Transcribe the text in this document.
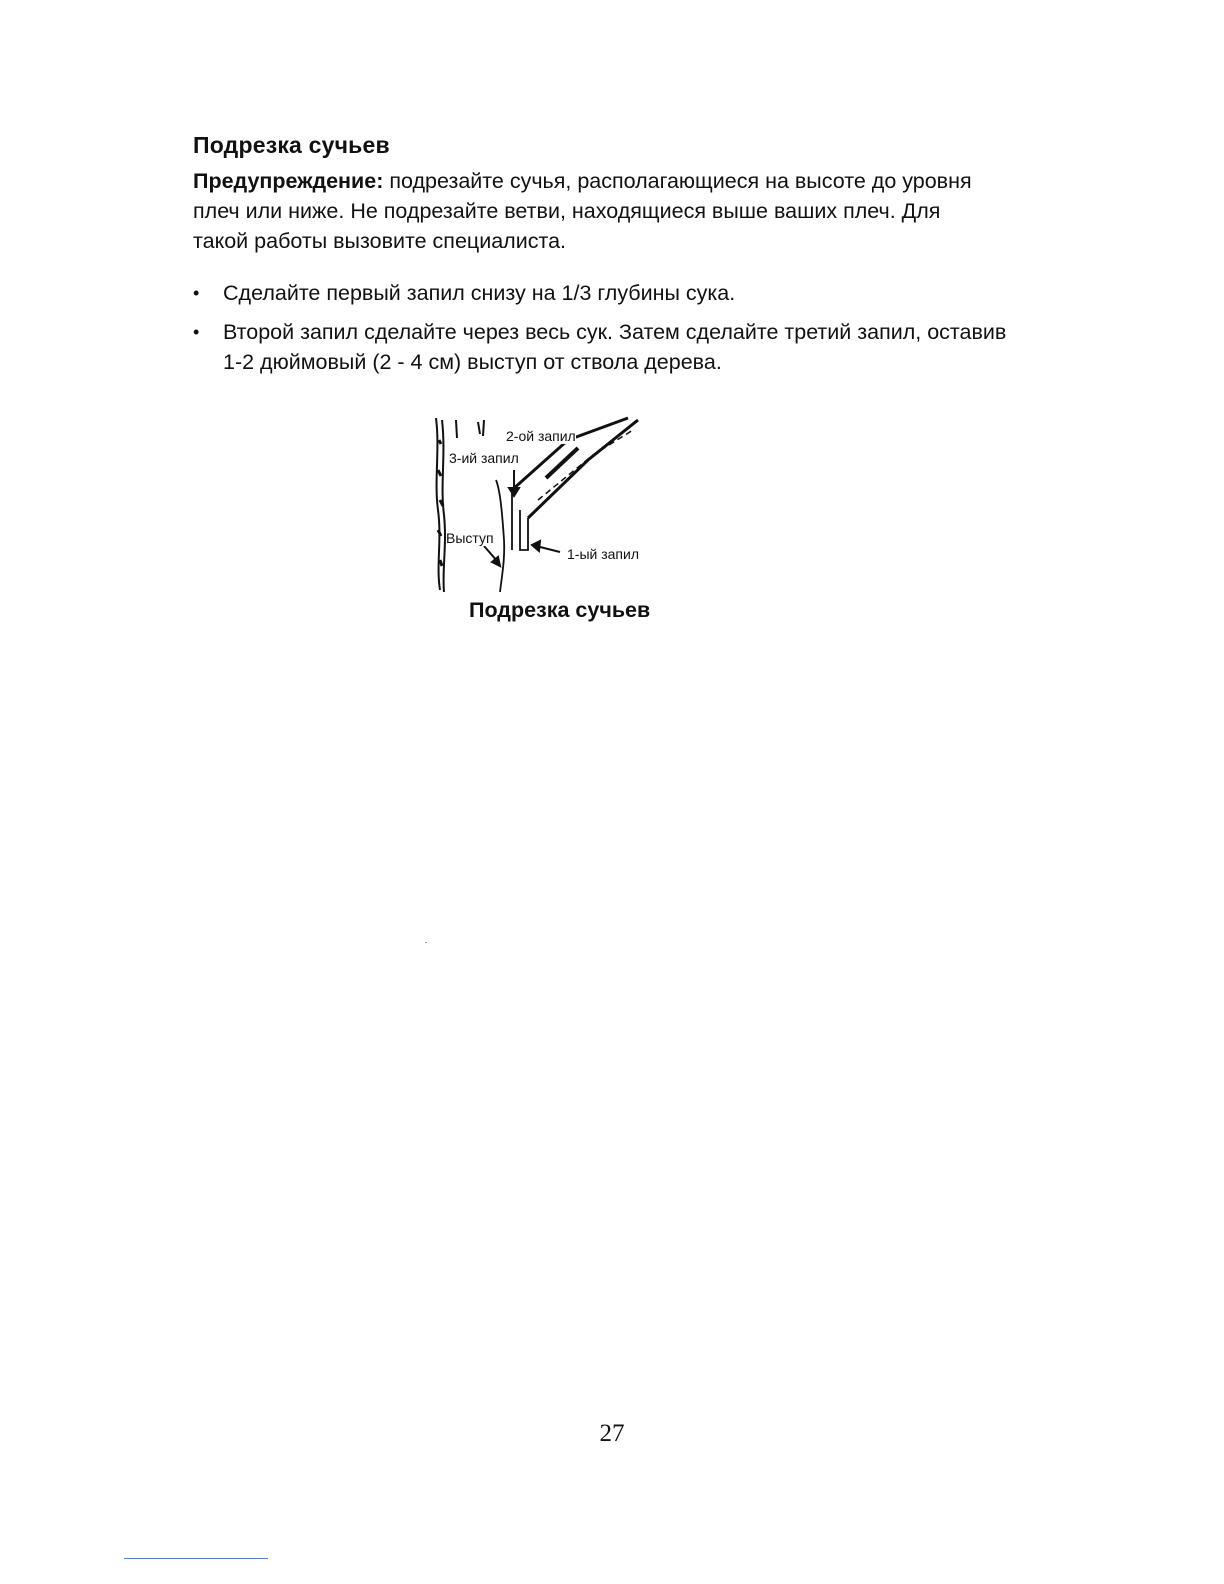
Подрезка сучьев
Предупреждение: подрезайте сучья, располагающиеся на высоте до уровня плеч или ниже. Не подрезайте ветви, находящиеся выше ваших плеч. Для такой работы вызовите специалиста.
• Сделайте первый запил снизу на 1/3 глубины сука.
• Второй запил сделайте через весь сук. Затем сделайте третий запил, оставив 1-2 дюймовый (2 - 4 см) выступ от ствола дерева.
2-ой запил
3-ий запил
Выступ
1-ый запил
Подрезка сучьев
27
